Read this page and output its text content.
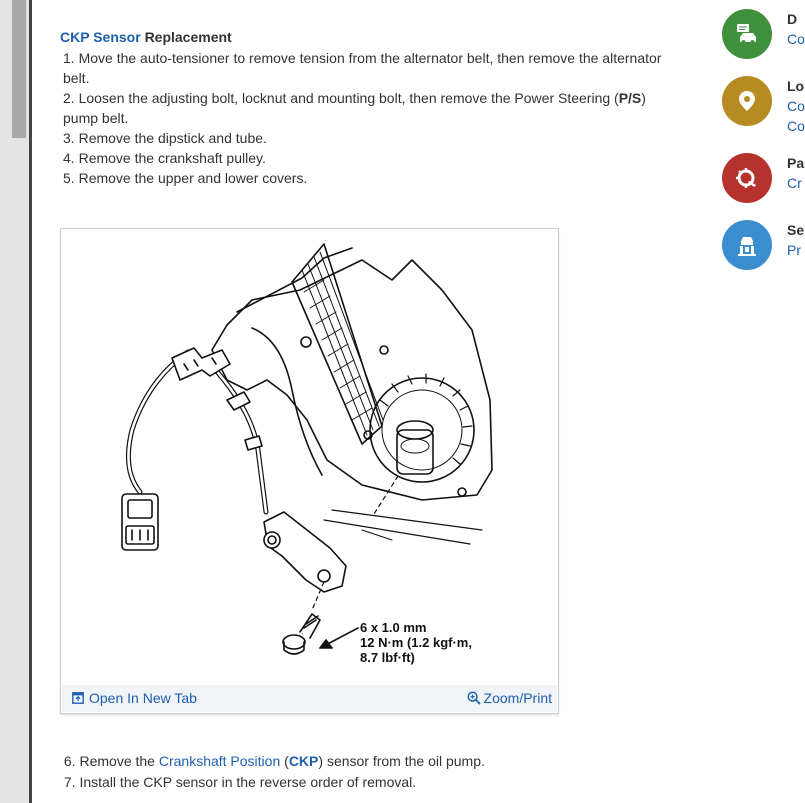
CKP Sensor Replacement

1. Move the auto-tensioner to remove tension from the alternator belt, then remove the alternator belt.

2. Loosen the adjusting bolt, locknut and mounting bolt, then remove the Power Steering (P/S) pump belt.

3. Remove the dipstick and tube.

4. Remove the crankshaft pulley.

5. Remove the upper and lower covers.

6 x 1.0 mm
12 N·m (1.2 kgf·m,
8.7 lbf·ft)
Open In New Tab	Zoom/Print

6. Remove the Crankshaft Position (CKP) sensor from the oil pump.

7. Install the CKP sensor in the reverse order of removal.

D
Co
Lo
Co
Co
Pa
Cr
Se
Pr
